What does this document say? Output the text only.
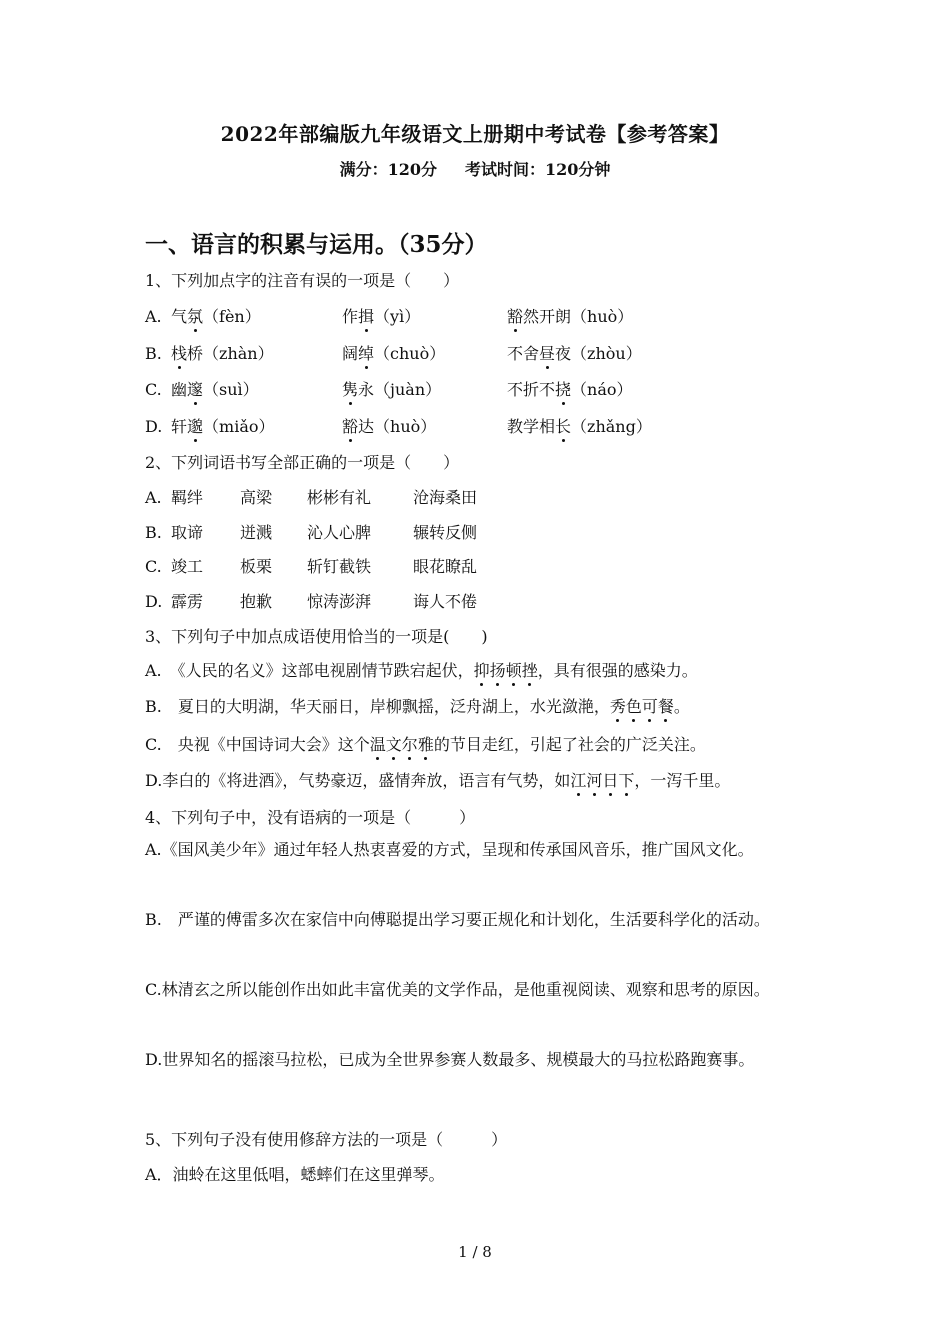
2022年部编版九年级语文上册期中考试卷【参考答案】
满分：120分 考试时间：120分钟
一、语言的积累与运用。（35分）
1、下列加点字的注音有误的一项是（　　）
A. 气氛（fèn）	作揖（yì）	豁然开朗（huò）
B. 栈桥（zhàn）	阔绰（chuò）	不舍昼夜（zhòu）
C. 幽邃（suì）	隽永（juàn）	不折不挠（náo）
D. 轩邈（miǎo）	豁达（huò）	教学相长（zhǎng）
2、下列词语书写全部正确的一项是（　　）
A. 羁绊 高梁 彬彬有礼	沧海桑田
B. 取谛 迸溅 沁人心脾	辗转反侧
C. 竣工 板栗 斩钉截铁	眼花瞭乱
D. 霹雳 抱歉 惊涛澎湃	诲人不倦
3、下列句子中加点成语使用恰当的一项是(　　)
A.　《人民的名义》这部电视剧情节跌宕起伏，抑扬顿挫，具有很强的感染力。
B.　夏日的大明湖，华天丽日，岸柳飘摇，泛舟湖上，水光潋滟，秀色可餐。
C.　央视《中国诗词大会》这个温文尔雅的节目走红，引起了社会的广泛关注。
D.李白的《将进酒》，气势豪迈，盛情奔放，语言有气势，如江河日下，一泻千里。
4、下列句子中，没有语病的一项是（　　　）
A.《国风美少年》通过年轻人热衷喜爱的方式，呈现和传承国风音乐，推广国风文化。
B.　严谨的傅雷多次在家信中向傅聪提出学习要正规化和计划化，生活要科学化的活动。
C.林清玄之所以能创作出如此丰富优美的文学作品，是他重视阅读、观察和思考的原因。
D.世界知名的摇滚马拉松，已成为全世界参赛人数最多、规模最大的马拉松路跑赛事。
5、下列句子没有使用修辞方法的一项是（　　　）
A．油蛉在这里低唱，蟋蟀们在这里弹琴。
1 / 8
